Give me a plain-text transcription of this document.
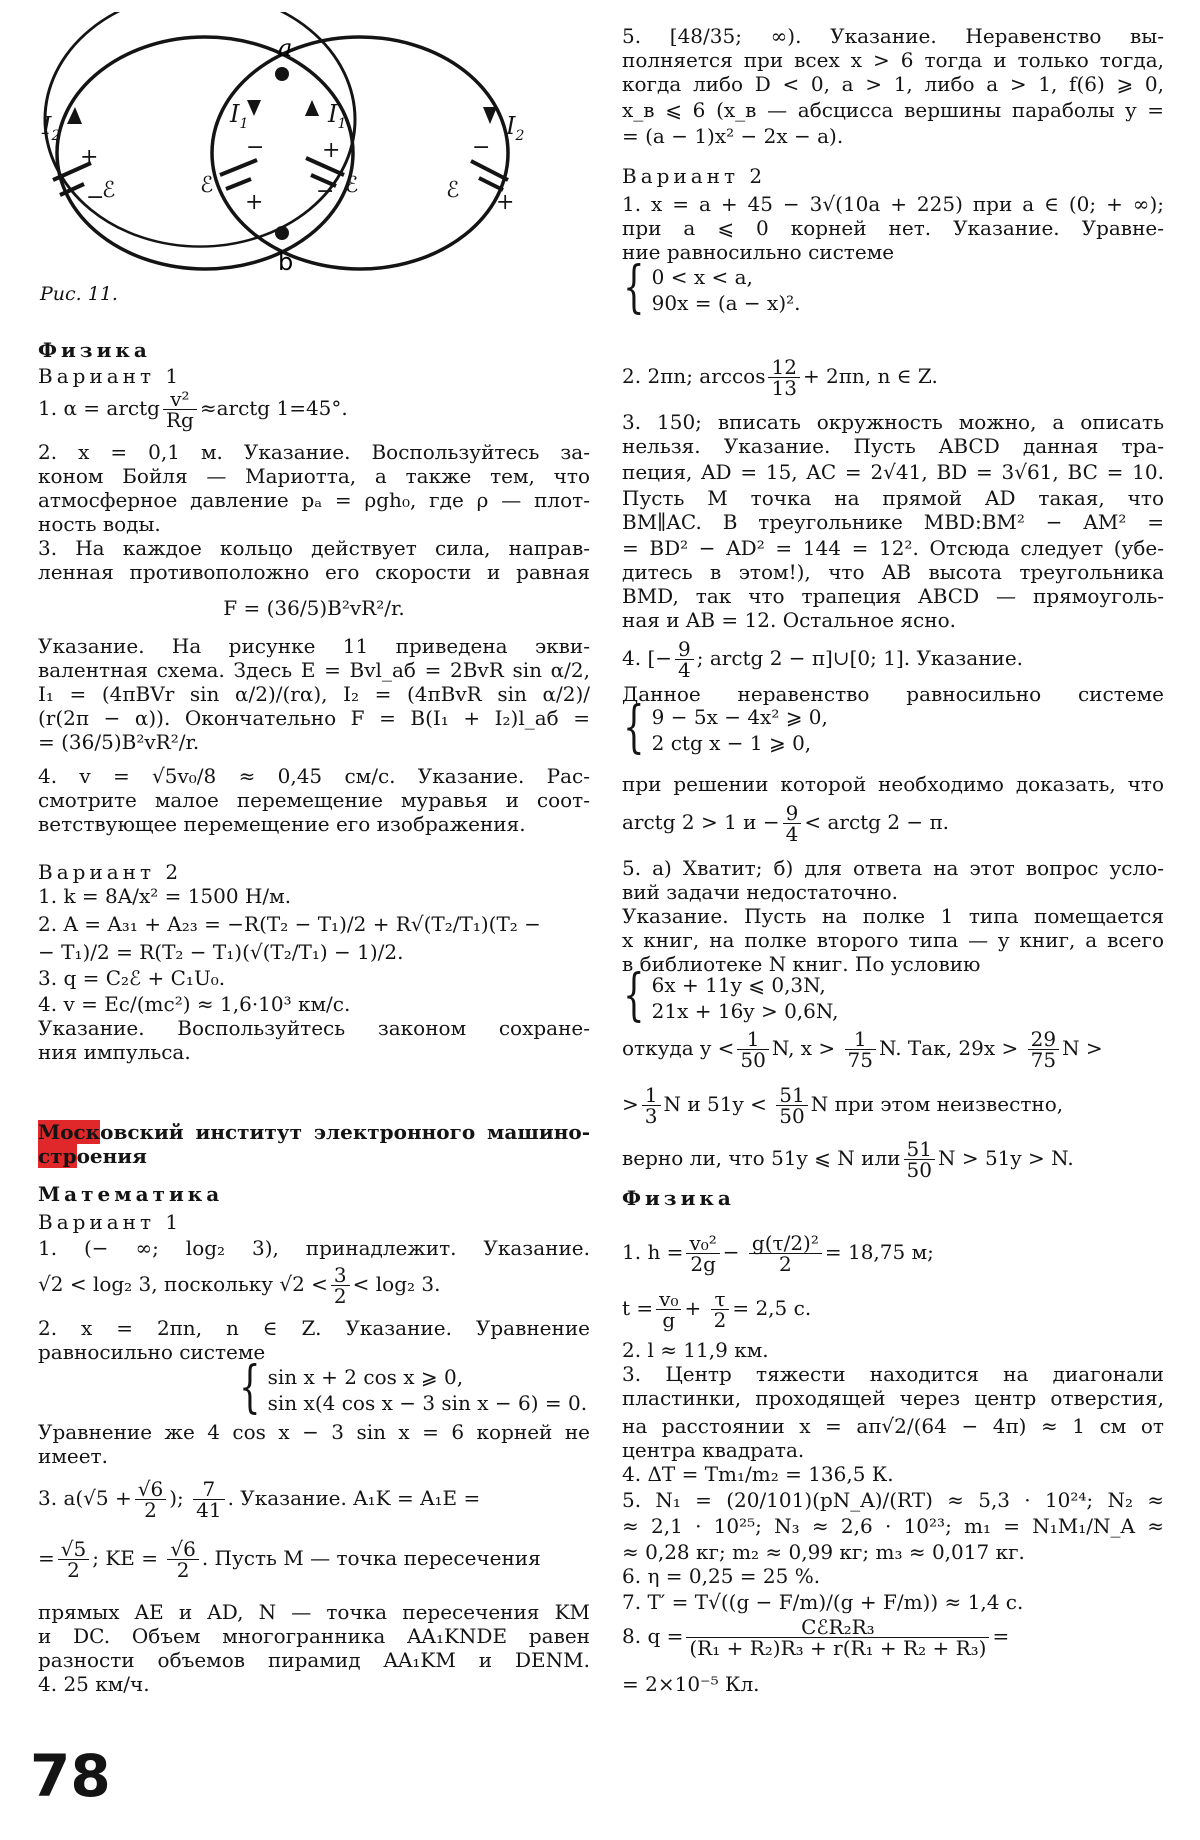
a
b
$I_2$
$I_1$	$I_1$	$I_2$
ℰ	ℰ	ℰ	ℰ
+
−
−
+
+
−
−
+
Рис. 11.
Физика
Вариант 1
1. α = arctg $\frac{\text{v²}}{Rg}$ ≈arctg 1=45°.
2. x = 0,1 м. Указание. Воспользуйтесь за-
коном Бойля — Мариотта, а также тем, что
атмосферное давление pₐ = ρgh₀, где ρ — плот-
ность воды.
3. На каждое кольцо действует сила, направ-
ленная противоположно его скорости и равная
F = (36/5)B²vR²/r.
Указание. На рисунке 11 приведена экви-
валентная схема. Здесь E = Bvl_аб = 2BvR sin α/2,
I₁ = (4πBVr sin α/2)/(rα), I₂ = (4πBvR sin α/2)/
(r(2π − α)). Окончательно F = B(I₁ + I₂)l_аб =
= (36/5)B²vR²/r.
4. v = √5v₀/8 ≈ 0,45 см/с. Указание. Рас-
смотрите малое перемещение муравья и соот-
ветствующее перемещение его изображения.
Вариант 2
1. k = 8A/x² = 1500 Н/м.
2. A = A₃₁ + A₂₃ = −R(T₂ − T₁)/2 + R√(T₂/T₁)(T₂ −
− T₁)/2 = R(T₂ − T₁)(√(T₂/T₁) − 1)/2.
3. q = C₂ℰ + C₁U₀.
4. v = Ec/(mc²) ≈ 1,6·10³ км/с.
Указание. Воспользуйтесь законом сохране-
ния импульса.
Московский институт электронного машино-
строения
Математика
Вариант 1
1. (− ∞; log₂ 3), принадлежит. Указание.
√2 < log₂ 3, поскольку $√2 < \frac{3}{2} < \log_2$ 3.
2. x = 2πn, n ∈ Z. Указание. Уравнение
равносильно системе
{ sin x + 2 cos x ⩾ 0,
sin x(4 cos x − 3 sin x − 6) = 0.
Уравнение же 4 cos x − 3 sin x = 6 корней не
имеет.
3. $a(√5 + \frac{√6}{2}$ ); $\frac{7}{41}$ . Указание. A₁K = A₁E =
= $\frac{√5}{2}$ ; KE = $\frac{√6}{2}$ . Пусть M — точка пересечения
прямых AE и AD, N — точка пересечения KM
и DC. Объем многогранника AA₁KNDE равен
разности объемов пирамид AA₁KM и DENM.
4. 25 км/ч.
5. [48/35; ∞). Указание. Неравенство вы-
полняется при всех x > 6 тогда и только тогда,
когда либо D < 0, a > 1, либо a > 1, f(6) ⩾ 0,
x_в ⩽ 6 (x_в — абсцисса вершины параболы y =
= (a − 1)x² − 2x − a).
Вариант 2
1. x = a + 45 − 3√(10a + 225) при a ∈ (0; + ∞);
при a ⩽ 0 корней нет. Указание. Уравне-
ние равносильно системе
{ 0 < x < a,
90x = (a − x)².
2. 2πn; $\arccos \frac{12}{13} + 2\pi n$, n ∈ Z.
3. 150; вписать окружность можно, а описать
нельзя. Указание. Пусть ABCD данная тра-
пеция, AD = 15, AC = 2√41, BD = 3√61, BC = 10.
Пусть M точка на прямой AD такая, что
BM∥AC. В треугольнике MBD:BM² − AM² =
= BD² − AD² = 144 = 12². Отсюда следует (убе-
дитесь в этом!), что AB высота треугольника
BMD, так что трапеция ABCD — прямоуголь-
ная и AB = 12. Остальное ясно.
4. [− $\frac{9}{4}$ ; arctg 2 − π]∪[0; 1]. Указание.
Данное неравенство равносильно системе
{ 9 − 5x − 4x² ⩾ 0,
2 ctg x − 1 ⩾ 0,
при решении которой необходимо доказать, что
arctg 2 > 1 $и - \frac{9}{4}$ < arctg 2 − π.
5. а) Хватит; б) для ответа на этот вопрос усло-
вий задачи недостаточно.
Указание. Пусть на полке 1 типа помещается
x книг, на полке второго типа — y книг, а всего
в библиотеке N книг. По условию
{ 6x + 11y ⩽ 0,3N,
21x + 16y > 0,6N,
откуда $y < \frac{1}{50} N$, $x > \frac{1}{75} N$. Так, $29x > \frac{29}{75}$ N >
> $\frac{1}{3}$ N и $51y < \frac{51}{50}$ N при этом неизвестно,
верно ли, что 51y ⩽ N или $\frac{51}{50}$ N > 51y > N.
Физика
1. $h = \frac{\text{v₀²}}{2g} - \frac{\text{g(τ/2)²}}{2} = 18,75$ м;
$t = \frac{\text{v₀}}{g} + \frac{\tau}{2} = 2,5$ с.
2. l ≈ 11,9 км.
3. Центр тяжести находится на диагонали
пластинки, проходящей через центр отверстия,
на расстоянии x = aπ√2/(64 − 4π) ≈ 1 см от
центра квадрата.
4. ΔT = Tm₁/m₂ = 136,5 К.
5. N₁ = (20/101)(pN_A)/(RT) ≈ 5,3 · 10²⁴; N₂ ≈
≈ 2,1 · 10²⁵; N₃ ≈ 2,6 · 10²³; m₁ = N₁M₁/N_A ≈
≈ 0,28 кг; m₂ ≈ 0,99 кг; m₃ ≈ 0,017 кг.
6. η = 0,25 = 25 %.
7. T′ = T√((g − F/m)/(g + F/m)) ≈ 1,4 с.
8. $q = \frac{\text{CℰR₂R₃}}{\text{(R₁ + R₂)R₃ + r(R₁ + R₂ + R₃)}}$ =
= 2×10⁻⁵ Кл.
78
